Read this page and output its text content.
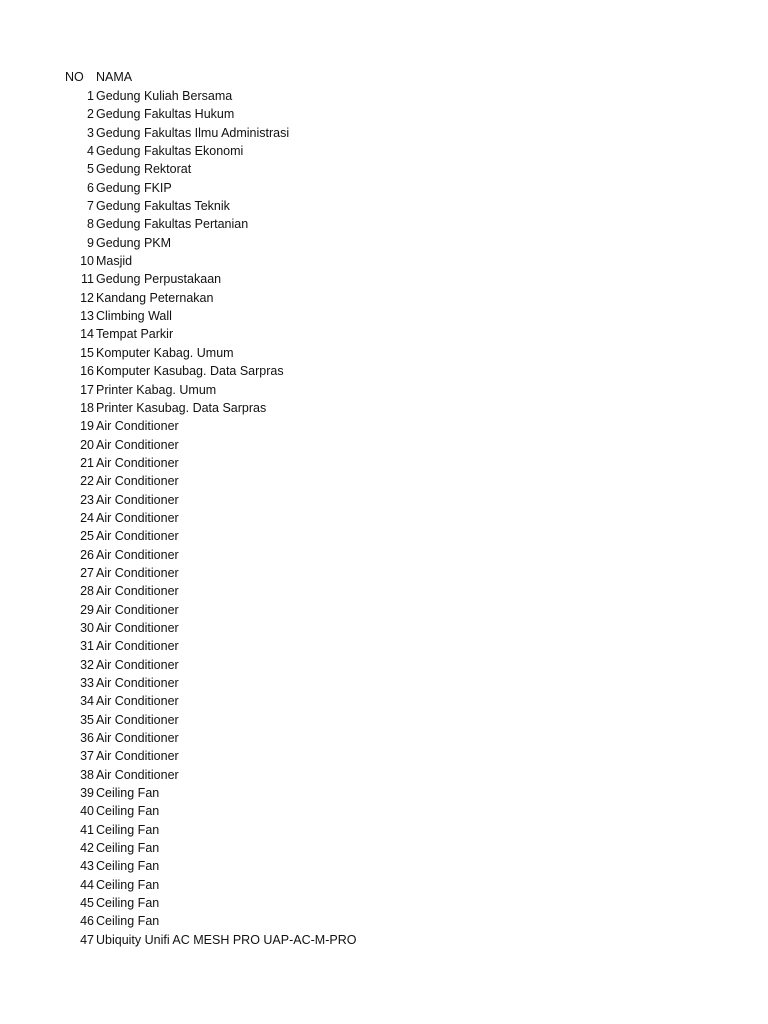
NO NAMA
1 Gedung Kuliah Bersama
2 Gedung Fakultas Hukum
3 Gedung Fakultas Ilmu Administrasi
4 Gedung Fakultas Ekonomi
5 Gedung Rektorat
6 Gedung FKIP
7 Gedung Fakultas Teknik
8 Gedung Fakultas Pertanian
9 Gedung PKM
10 Masjid
11 Gedung Perpustakaan
12 Kandang Peternakan
13 Climbing Wall
14 Tempat Parkir
15 Komputer Kabag. Umum
16 Komputer Kasubag. Data Sarpras
17 Printer Kabag. Umum
18 Printer Kasubag. Data Sarpras
19 Air Conditioner
20 Air Conditioner
21 Air Conditioner
22 Air Conditioner
23 Air Conditioner
24 Air Conditioner
25 Air Conditioner
26 Air Conditioner
27 Air Conditioner
28 Air Conditioner
29 Air Conditioner
30 Air Conditioner
31 Air Conditioner
32 Air Conditioner
33 Air Conditioner
34 Air Conditioner
35 Air Conditioner
36 Air Conditioner
37 Air Conditioner
38 Air Conditioner
39 Ceiling Fan
40 Ceiling Fan
41 Ceiling Fan
42 Ceiling Fan
43 Ceiling Fan
44 Ceiling Fan
45 Ceiling Fan
46 Ceiling Fan
47 Ubiquity Unifi AC MESH PRO UAP-AC-M-PRO
